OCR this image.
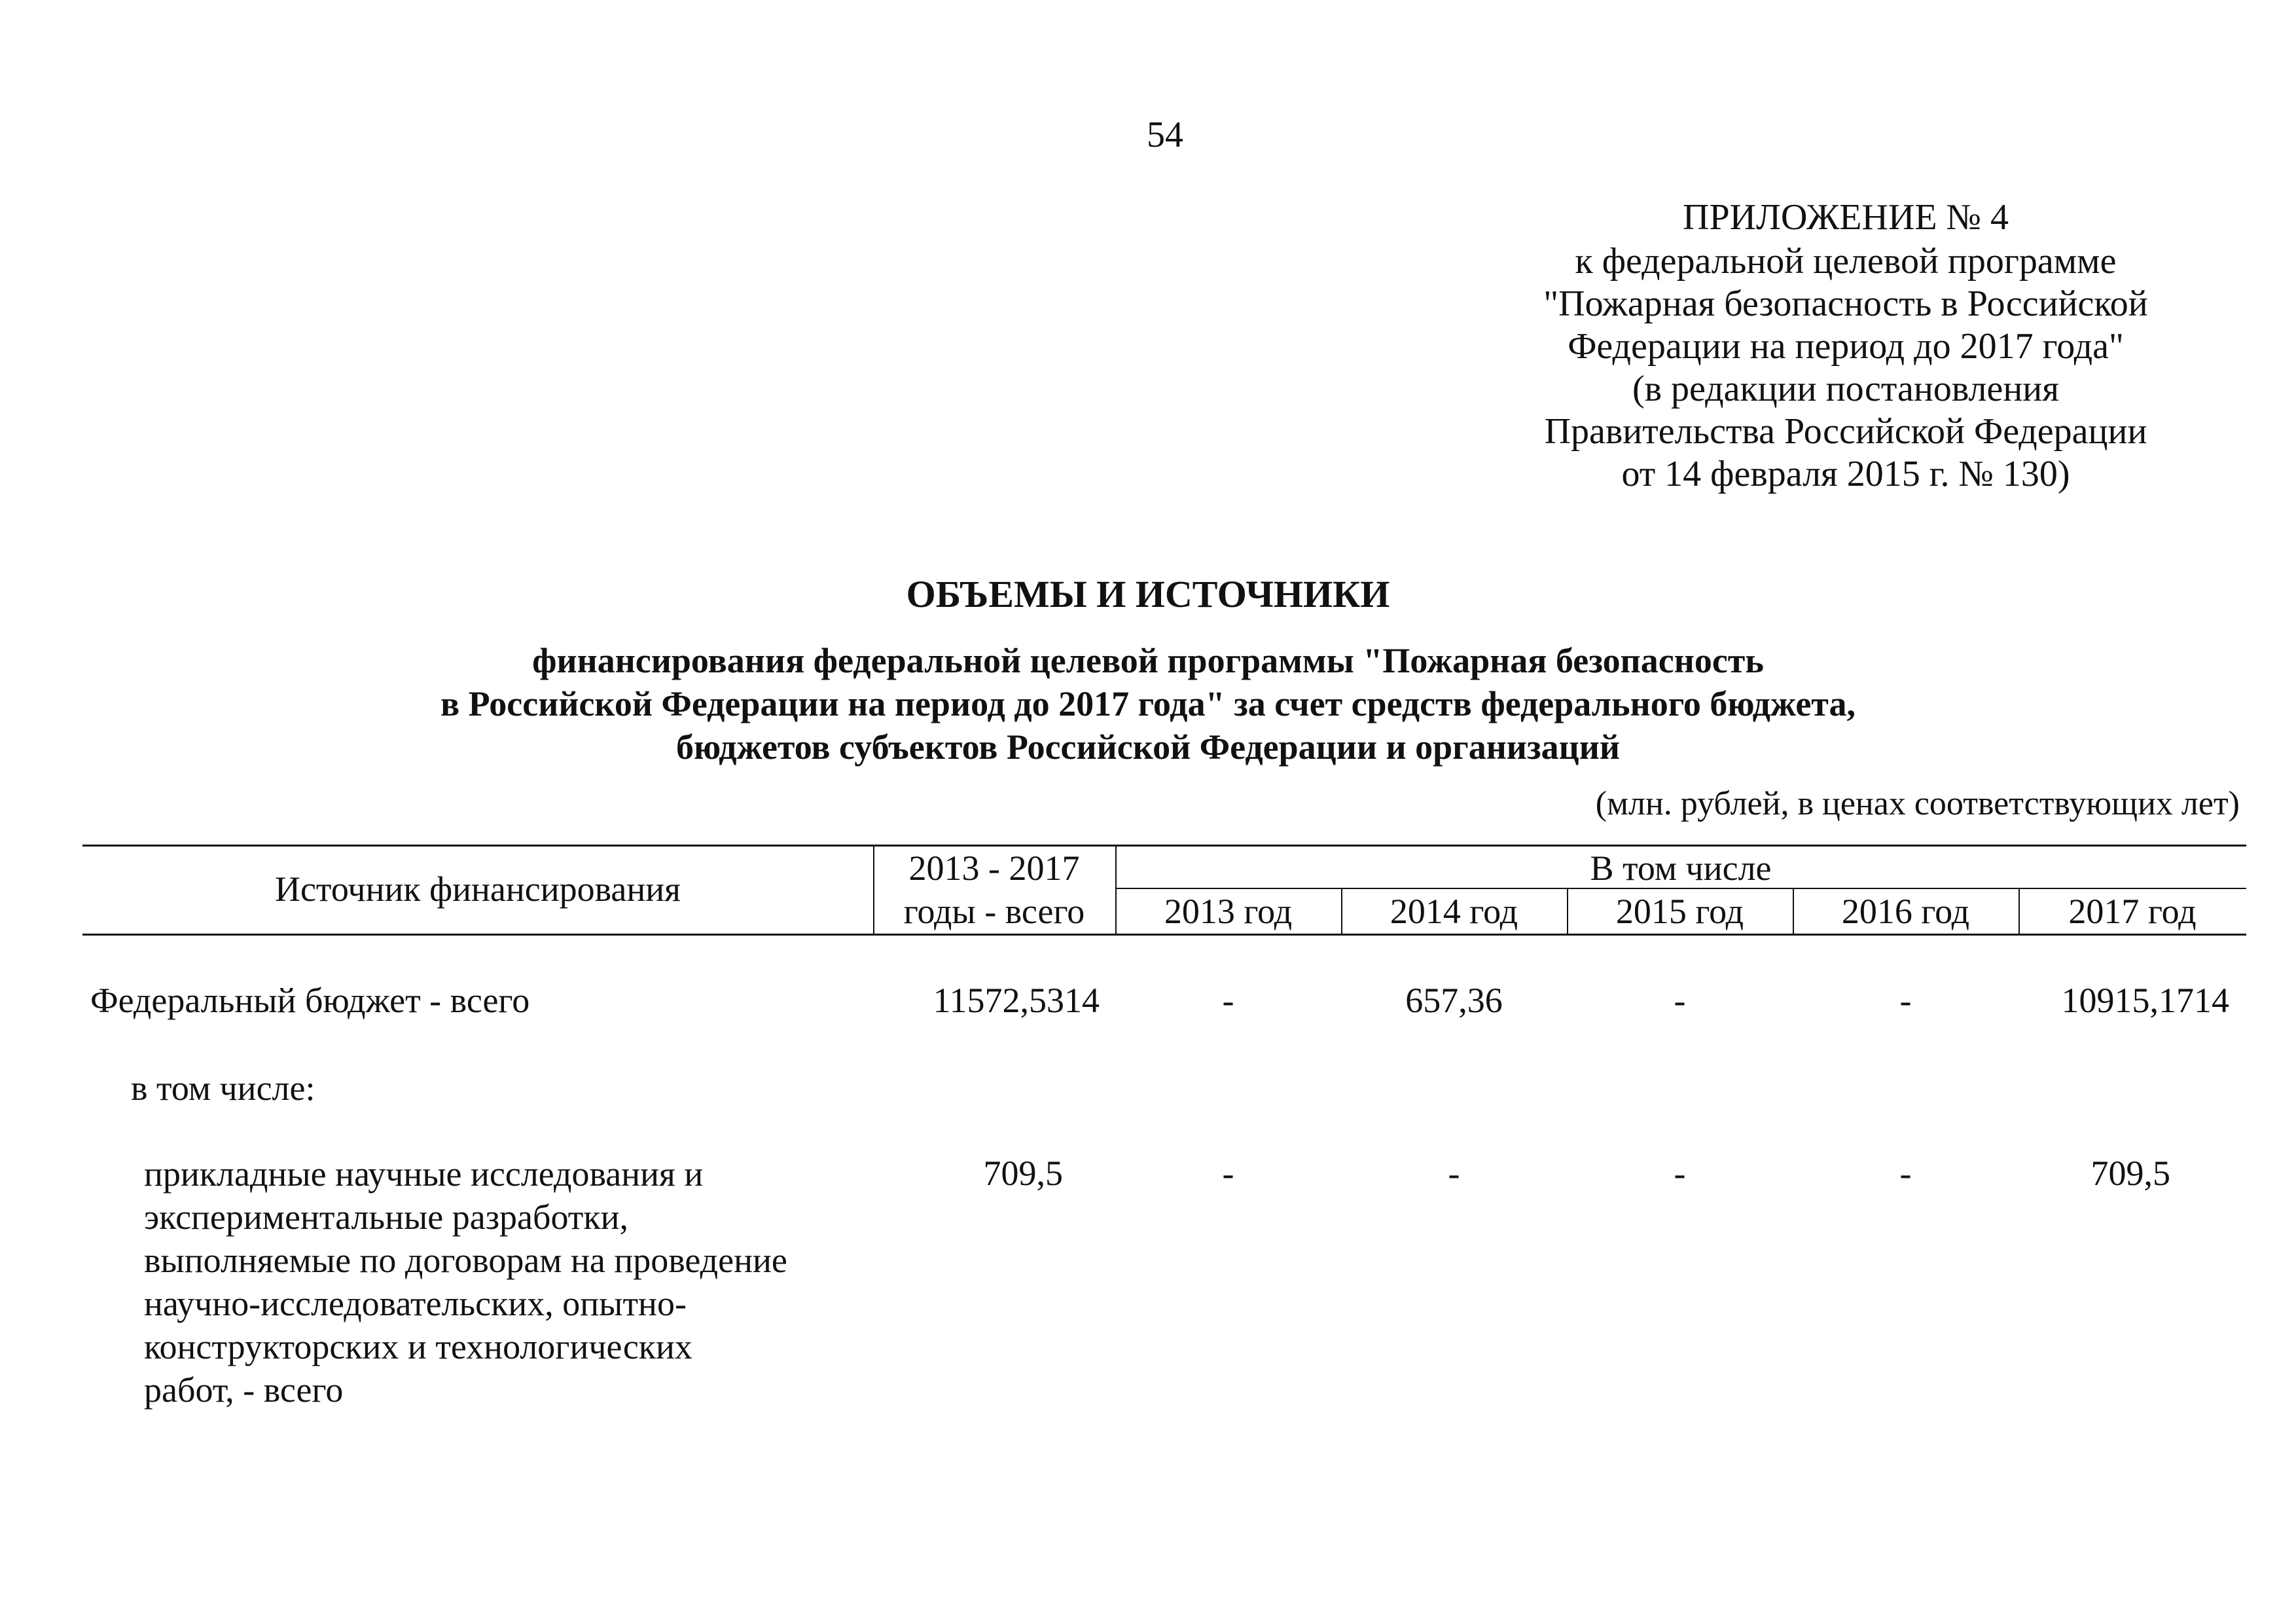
54
ПРИЛОЖЕНИЕ № 4
к федеральной целевой программе
"Пожарная безопасность в Российской
Федерации на период до 2017 года"
(в редакции постановления
Правительства Российской Федерации
от 14 февраля 2015 г. № 130)
ОБЪЕМЫ И ИСТОЧНИКИ
финансирования федеральной целевой программы "Пожарная безопасность
в Российской Федерации на период до 2017 года" за счет средств федерального бюджета,
бюджетов субъектов Российской Федерации и организаций
(млн. рублей, в ценах соответствующих лет)
Источник финансирования
2013 - 2017
годы - всего
В том числе
2013 год	2014 год	2015 год	2016 год	2017 год
Федеральный бюджет - всего	11572,5314	-	657,36	-	-	10915,1714
в том числе:
прикладные научные исследования и
экспериментальные разработки,
выполняемые по договорам на проведение
научно-исследовательских, опытно-
конструкторских и технологических
работ, - всего
709,5	-	-	-	-	709,5
